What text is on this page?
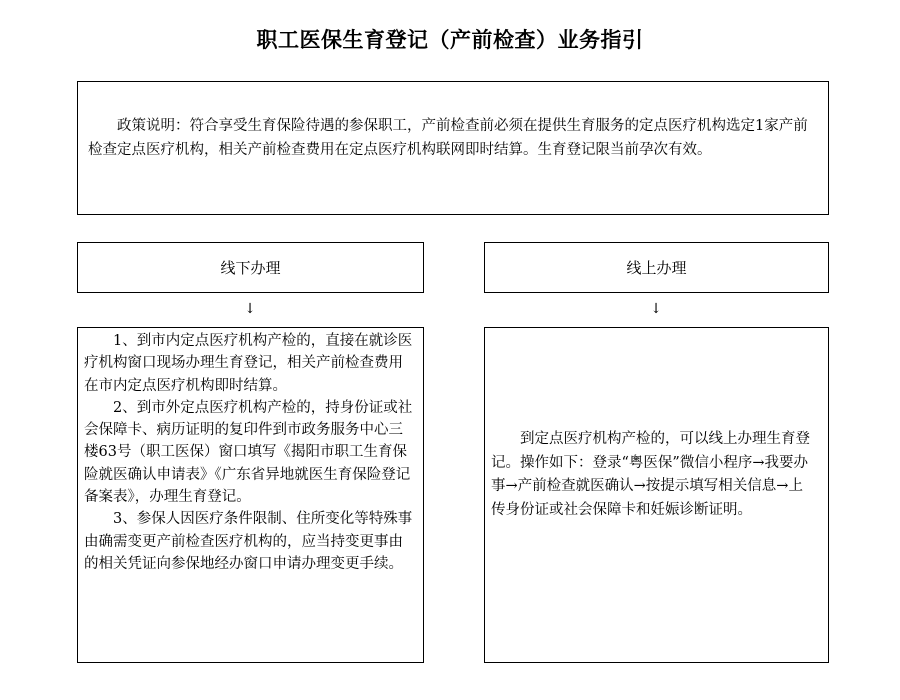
职工医保生育登记（产前检查）业务指引

政策说明：符合享受生育保险待遇的参保职工，产前检查前必须在提供生育服务的定点医疗机构选定1家产前检查定点医疗机构，相关产前检查费用在定点医疗机构联网即时结算。生育登记限当前孕次有效。

线下办理	线上办理
↓	↓

1、到市内定点医疗机构产检的，直接在就诊医疗机构窗口现场办理生育登记，相关产前检查费用在市内定点医疗机构即时结算。

2、到市外定点医疗机构产检的，持身份证或社会保障卡、病历证明的复印件到市政务服务中心三楼63号（职工医保）窗口填写《揭阳市职工生育保险就医确认申请表》《广东省异地就医生育保险登记备案表》，办理生育登记。

3、参保人因医疗条件限制、住所变化等特殊事由确需变更产前检查医疗机构的，应当持变更事由的相关凭证向参保地经办窗口申请办理变更手续。

到定点医疗机构产检的，可以线上办理生育登记。操作如下：登录“粤医保”微信小程序→我要办事→产前检查就医确认→按提示填写相关信息→上传身份证或社会保障卡和妊娠诊断证明。
